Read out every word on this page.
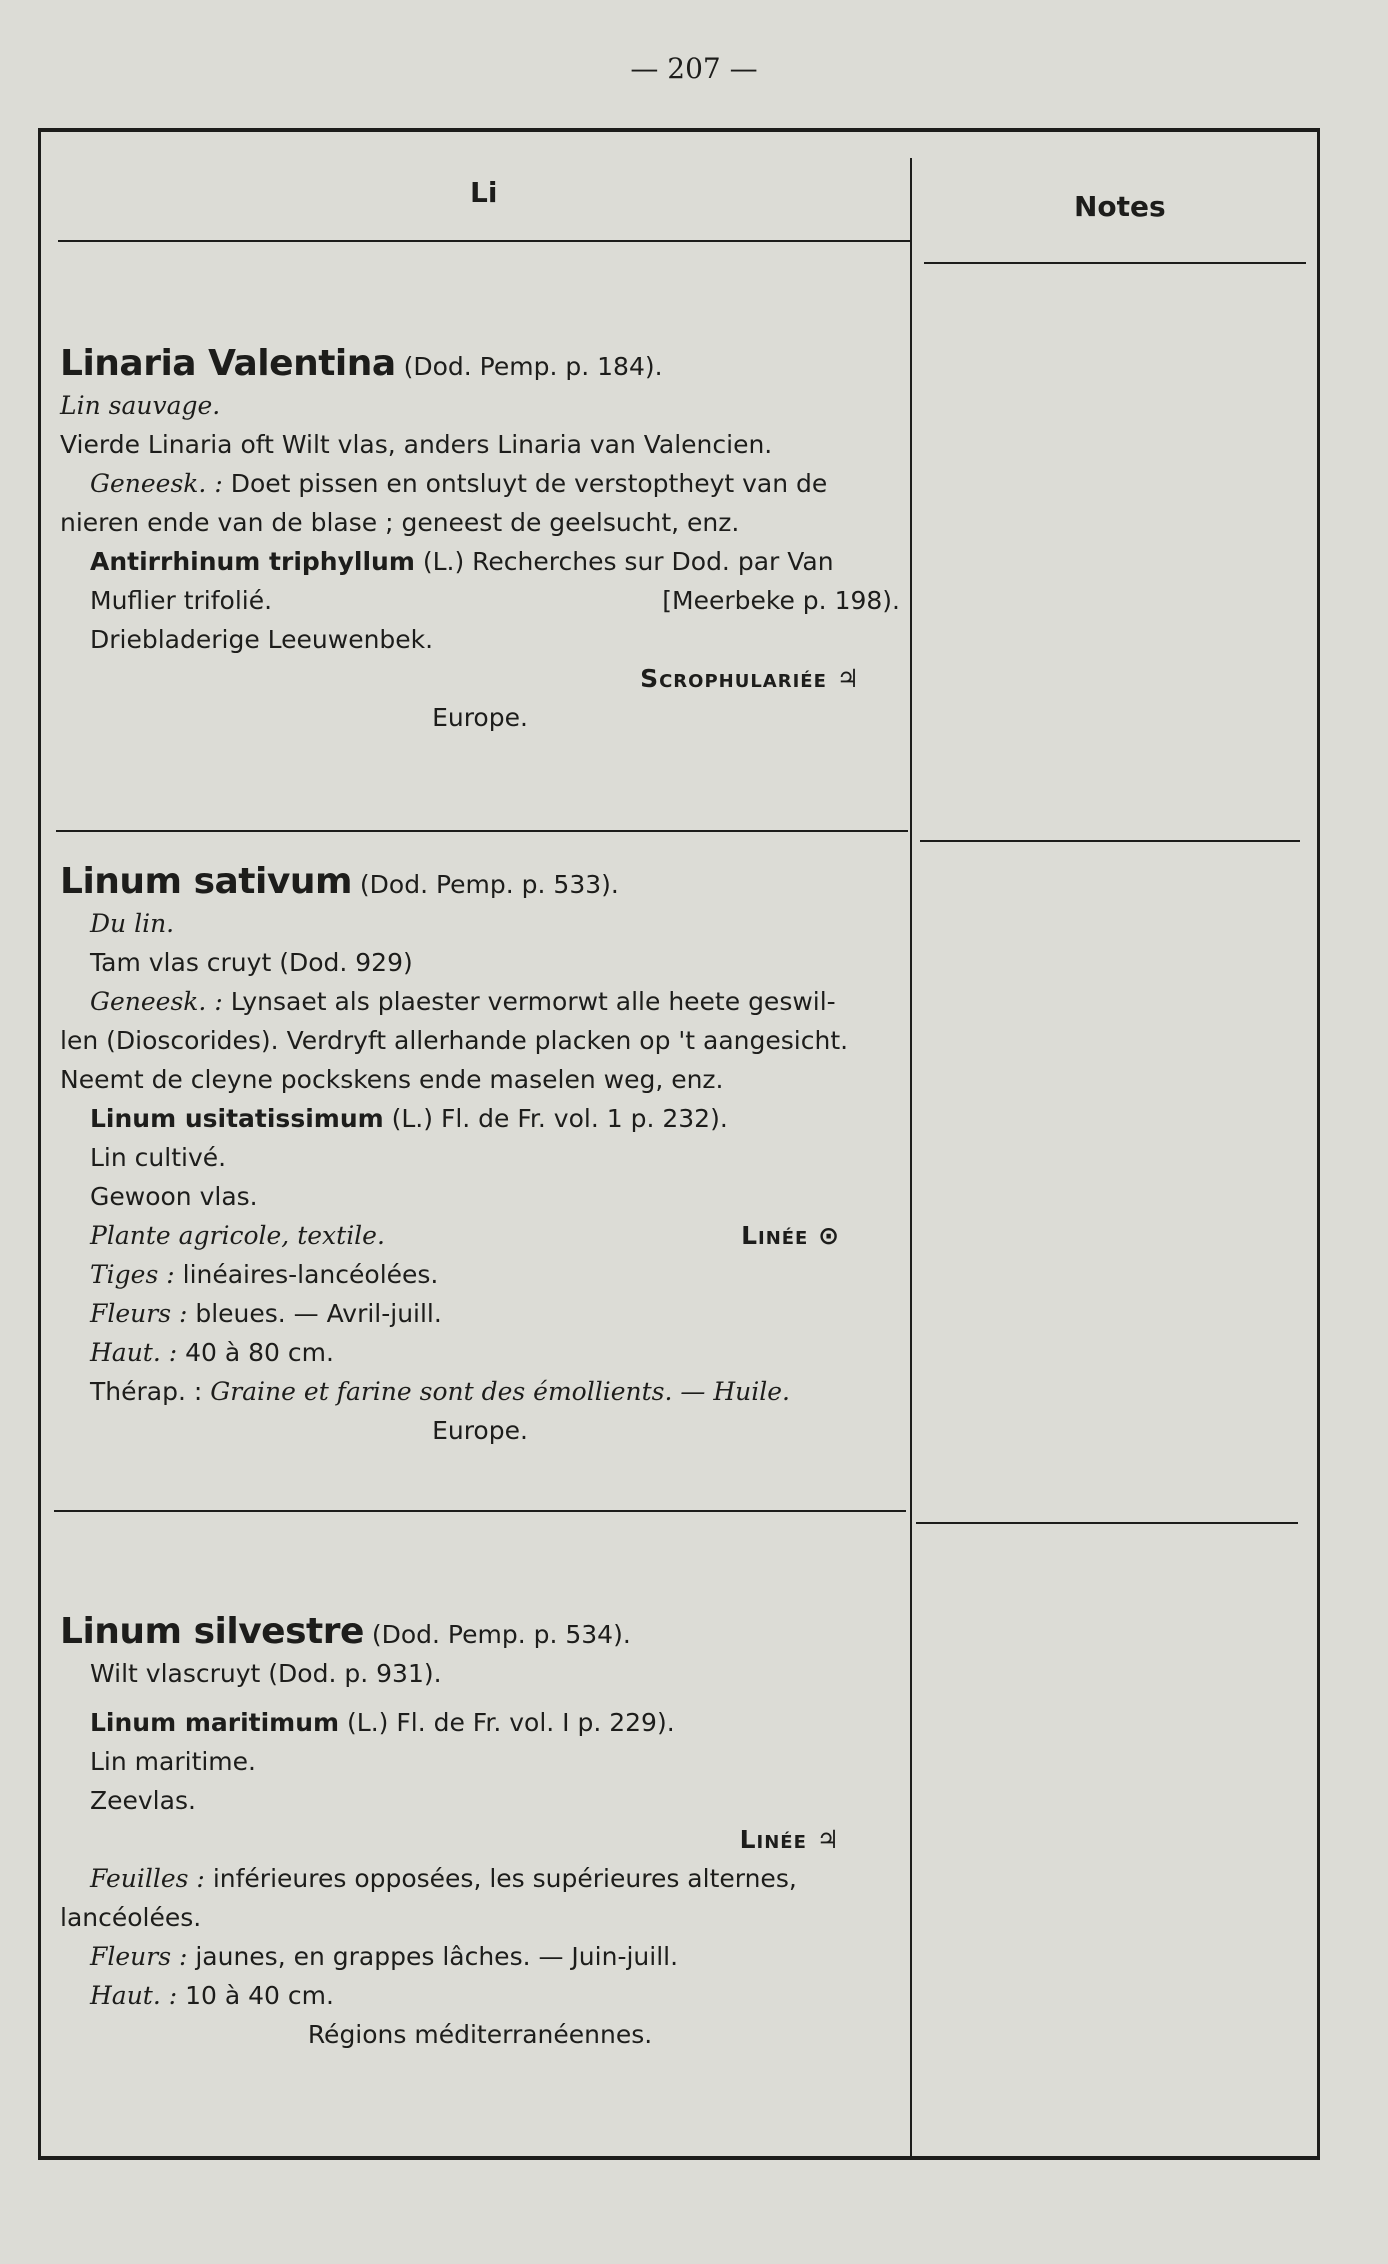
— 207 —
Li	Notes
Linaria Valentina (Dod. Pemp. p. 184).
Lin sauvage.
Vierde Linaria oft Wilt vlas, anders Linaria van Valencien.
Geneesk. : Doet pissen en ontsluyt de verstoptheyt van de
nieren ende van de blase ; geneest de geelsucht, enz.
Antirrhinum triphyllum (L.) Recherches sur Dod. par Van
Muflier trifolié.	[Meerbeke p. 198).
Driebladerige Leeuwenbek.
Scrophulariée ♃
Europe.
Linum sativum (Dod. Pemp. p. 533).
Du lin.
Tam vlas cruyt (Dod. 929)
Geneesk. : Lynsaet als plaester vermorwt alle heete geswil-
len (Dioscorides). Verdryft allerhande placken op 't aangesicht.
Neemt de cleyne pockskens ende maselen weg, enz.
Linum usitatissimum (L.) Fl. de Fr. vol. 1 p. 232).
Lin cultivé.
Gewoon vlas.
Plante agricole, textile.	Linée ⊙
Tiges : linéaires-lancéolées.
Fleurs : bleues. — Avril-juill.
Haut. : 40 à 80 cm.
Thérap. : Graine et farine sont des émollients. — Huile.
Europe.
Linum silvestre (Dod. Pemp. p. 534).
Wilt vlascruyt (Dod. p. 931).
Linum maritimum (L.) Fl. de Fr. vol. I p. 229).
Lin maritime.
Zeevlas.
Linée ♃
Feuilles : inférieures opposées, les supérieures alternes,
lancéolées.
Fleurs : jaunes, en grappes lâches. — Juin-juill.
Haut. : 10 à 40 cm.
Régions méditerranéennes.
